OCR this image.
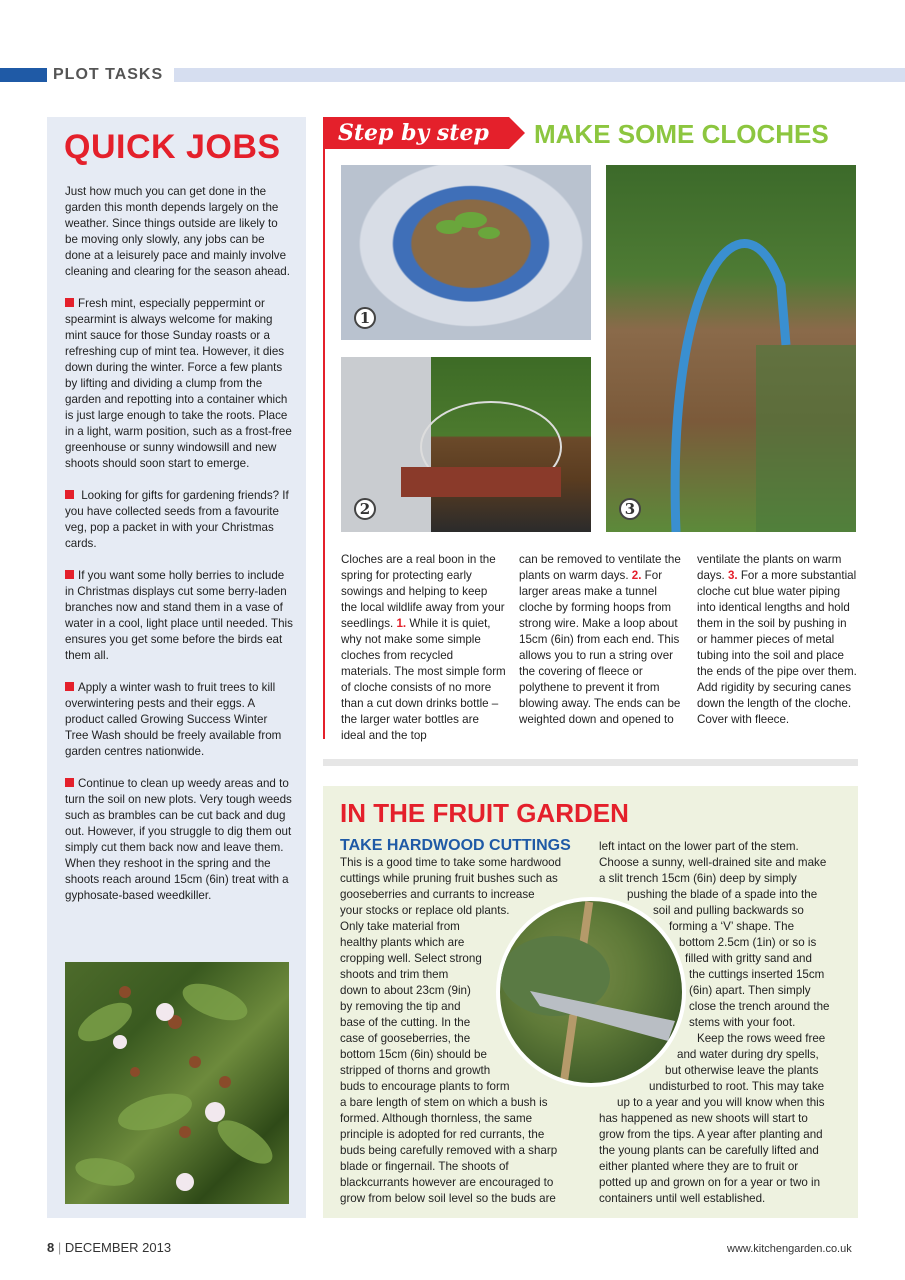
PLOT TASKS
QUICK JOBS

Just how much you can get done in the garden this month depends largely on the weather. Since things outside are likely to be moving only slowly, any jobs can be done at a leisurely pace and mainly involve cleaning and clearing for the season ahead.

Fresh mint, especially peppermint or spearmint is always welcome for making mint sauce for those Sunday roasts or a refreshing cup of mint tea. However, it dies down during the winter. Force a few plants by lifting and dividing a clump from the garden and repotting into a container which is just large enough to take the roots. Place in a light, warm position, such as a frost-free greenhouse or sunny windowsill and new shoots should soon start to emerge.

Looking for gifts for gardening friends? If you have collected seeds from a favourite veg, pop a packet in with your Christmas cards.

If you want some holly berries to include in Christmas displays cut some berry-laden branches now and stand them in a vase of water in a cool, light place until needed. This ensures you get some before the birds eat them all.

Apply a winter wash to fruit trees to kill overwintering pests and their eggs. A product called Growing Success Winter Tree Wash should be freely available from garden centres nationwide.

Continue to clean up weedy areas and to turn the soil on new plots. Very tough weeds such as brambles can be cut back and dug out. However, if you struggle to dig them out simply cut them back now and leave them. When they reshoot in the spring and the shoots reach around 15cm (6in) treat with a gyphosate-based weedkiller.

Step by step MAKE SOME CLOCHES
1
2	3
Cloches are a real boon in the spring for protecting early sowings and helping to keep the local wildlife away from your seedlings. 1. While it is quiet, why not make some simple cloches from recycled materials. The most simple form of cloche consists of no more than a cut down drinks bottle – the larger water bottles are ideal and the top
can be removed to ventilate the plants on warm days. 2. For larger areas make a tunnel cloche by forming hoops from strong wire. Make a loop about 15cm (6in) from each end. This allows you to run a string over the covering of fleece or polythene to prevent it from blowing away. The ends can be weighted down and opened to
ventilate the plants on warm days. 3. For a more substantial cloche cut blue water piping into identical lengths and hold them in the soil by pushing in or hammer pieces of metal tubing into the soil and place the ends of the pipe over them. Add rigidity by securing canes down the length of the cloche. Cover with fleece.
IN THE FRUIT GARDEN
TAKE HARDWOOD CUTTINGS
This is a good time to take some hardwood
cuttings while pruning fruit bushes such as
gooseberries and currants to increase
your stocks or replace old plants.
Only take material from
healthy plants which are
cropping well. Select strong
shoots and trim them
down to about 23cm (9in)
by removing the tip and
base of the cutting. In the
case of gooseberries, the
bottom 15cm (6in) should be
stripped of thorns and growth
buds to encourage plants to form
a bare length of stem on which a bush is
formed. Although thornless, the same
principle is adopted for red currants, the
buds being carefully removed with a sharp
blade or fingernail. The shoots of
blackcurrants however are encouraged to
grow from below soil level so the buds are
left intact on the lower part of the stem.
Choose a sunny, well-drained site and make
a slit trench 15cm (6in) deep by simply
pushing the blade of a spade into the
soil and pulling backwards so
forming a ‘V’ shape. The
bottom 2.5cm (1in) or so is
filled with gritty sand and
the cuttings inserted 15cm
(6in) apart. Then simply
close the trench around the
stems with your foot.
Keep the rows weed free
and water during dry spells,
but otherwise leave the plants
undisturbed to root. This may take
up to a year and you will know when this
has happened as new shoots will start to
grow from the tips. A year after planting and
the young plants can be carefully lifted and
either planted where they are to fruit or
potted up and grown on for a year or two in
containers until well established.
8 | DECEMBER 2013	www.kitchengarden.co.uk
